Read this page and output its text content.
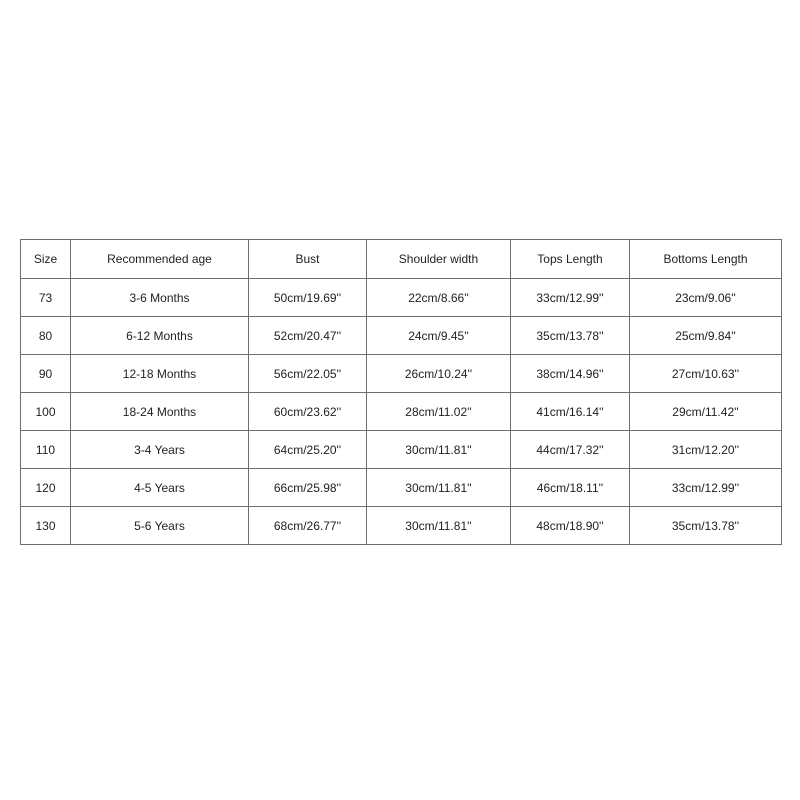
Size	Recommended age	Bust	Shoulder width	Tops Length	Bottoms Length
73	3-6 Months	50cm/19.69''	22cm/8.66''	33cm/12.99''	23cm/9.06''
80	6-12 Months	52cm/20.47''	24cm/9.45''	35cm/13.78''	25cm/9.84''
90	12-18 Months	56cm/22.05''	26cm/10.24''	38cm/14.96''	27cm/10.63''
100	18-24 Months	60cm/23.62''	28cm/11.02''	41cm/16.14''	29cm/11.42''
110	3-4 Years	64cm/25.20''	30cm/11.81''	44cm/17.32''	31cm/12.20''
120	4-5 Years	66cm/25.98''	30cm/11.81''	46cm/18.11''	33cm/12.99''
130	5-6 Years	68cm/26.77''	30cm/11.81''	48cm/18.90''	35cm/13.78''
